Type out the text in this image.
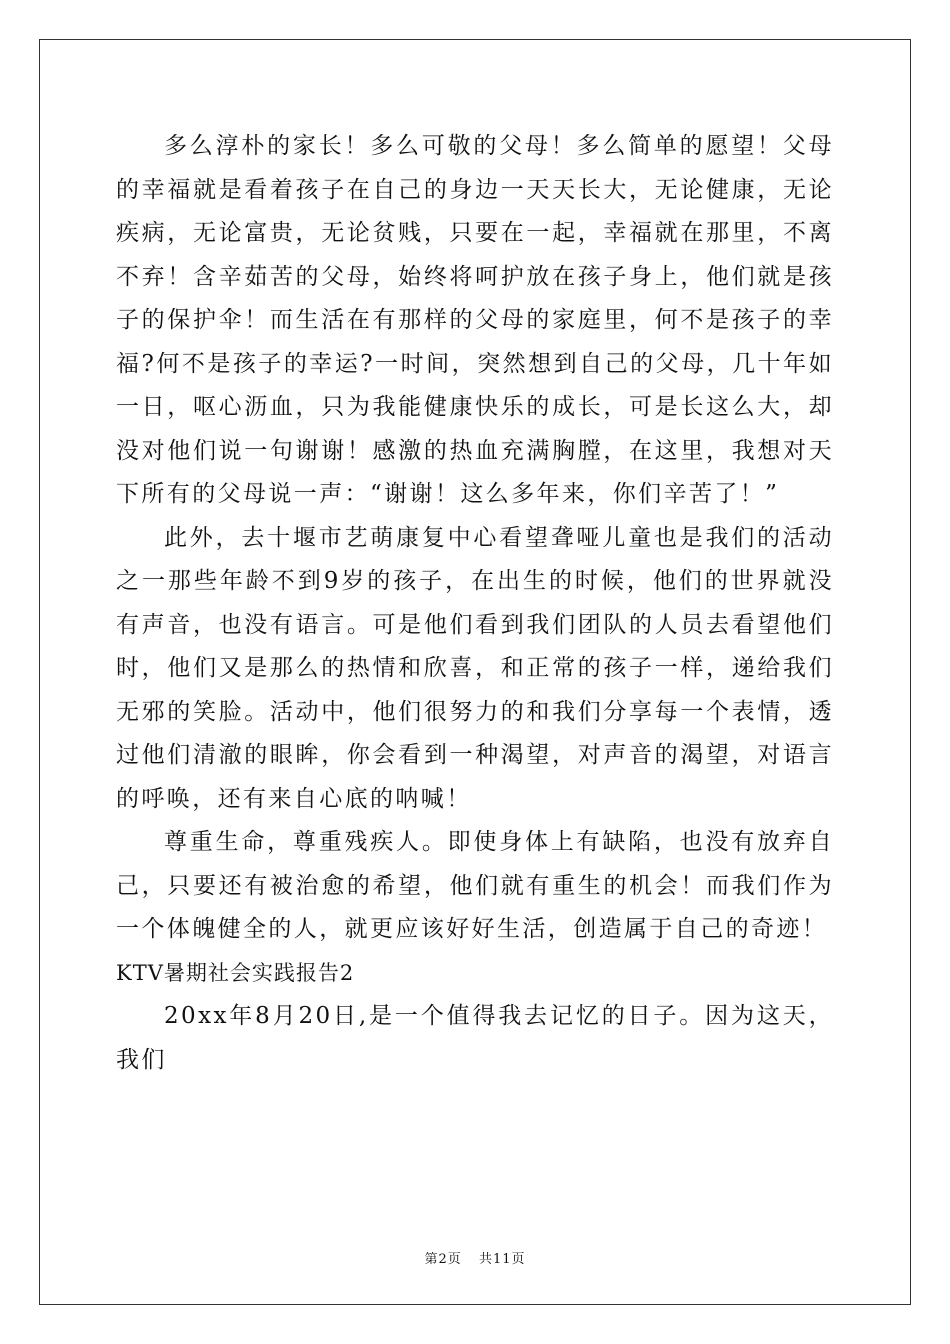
多么淳朴的家长！多么可敬的父母！多么简单的愿望！父母的幸福就是看着孩子在自己的身边一天天长大，无论健康，无论疾病，无论富贵，无论贫贱，只要在一起，幸福就在那里，不离不弃！含辛茹苦的父母，始终将呵护放在孩子身上，他们就是孩子的保护伞！而生活在有那样的父母的家庭里，何不是孩子的幸福?何不是孩子的幸运?一时间，突然想到自己的父母，几十年如一日，呕心沥血，只为我能健康快乐的成长，可是长这么大，却没对他们说一句谢谢！感激的热血充满胸膛，在这里，我想对天下所有的父母说一声：“谢谢！这么多年来，你们辛苦了！”

此外，去十堰市艺萌康复中心看望聋哑儿童也是我们的活动之一那些年龄不到9岁的孩子，在出生的时候，他们的世界就没有声音，也没有语言。可是他们看到我们团队的人员去看望他们时，他们又是那么的热情和欣喜，和正常的孩子一样，递给我们无邪的笑脸。活动中，他们很努力的和我们分享每一个表情，透过他们清澈的眼眸，你会看到一种渴望，对声音的渴望，对语言的呼唤，还有来自心底的呐喊！

尊重生命，尊重残疾人。即使身体上有缺陷，也没有放弃自己，只要还有被治愈的希望，他们就有重生的机会！而我们作为一个体魄健全的人，就更应该好好生活，创造属于自己的奇迹！

KTV暑期社会实践报告2

20xx年8月20日,是一个值得我去记忆的日子。因为这天，我们

第2页 共11页
